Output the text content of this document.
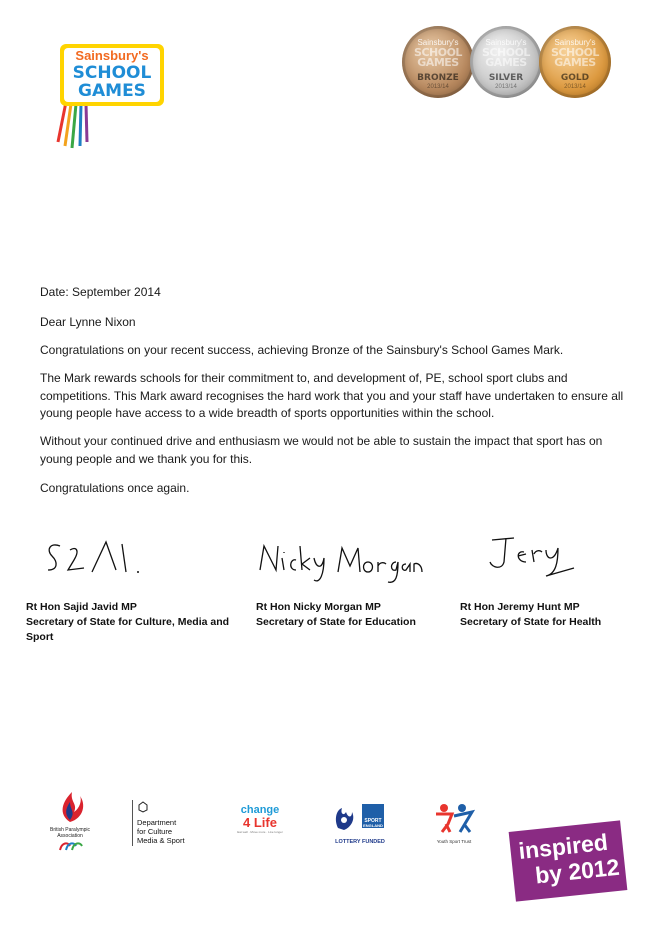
Sainsbury's
SCHOOL
GAMES
Sainsbury's
SCHOOL
GAMES
BRONZE
2013/14
Sainsbury's
SCHOOL
GAMES
SILVER
2013/14
Sainsbury's
SCHOOL
GAMES
GOLD
2013/14

Date: September 2014

Dear Lynne Nixon

Congratulations on your recent success, achieving Bronze of the Sainsbury's School Games Mark.

The Mark rewards schools for their commitment to, and development of, PE, school sport clubs and competitions. This Mark award recognises the hard work that you and your staff have undertaken to ensure all young people have access to a wide breadth of sports opportunities within the school.

Without your continued drive and enthusiasm we would not be able to sustain the impact that sport has on young people and we thank you for this.

Congratulations once again.

Rt Hon Sajid Javid MP
Secretary of State for Culture, Media and Sport
Rt Hon Nicky Morgan MP
Secretary of State for Education
Rt Hon Jeremy Hunt MP
Secretary of State for Health
British Paralympic
Association
Department
for Culture
Media & Sport
change
4 Life
Eat well · Move more · Live longer
SPORT
ENGLAND
LOTTERY FUNDED	Youth Sport Trust inspired
by 2012
